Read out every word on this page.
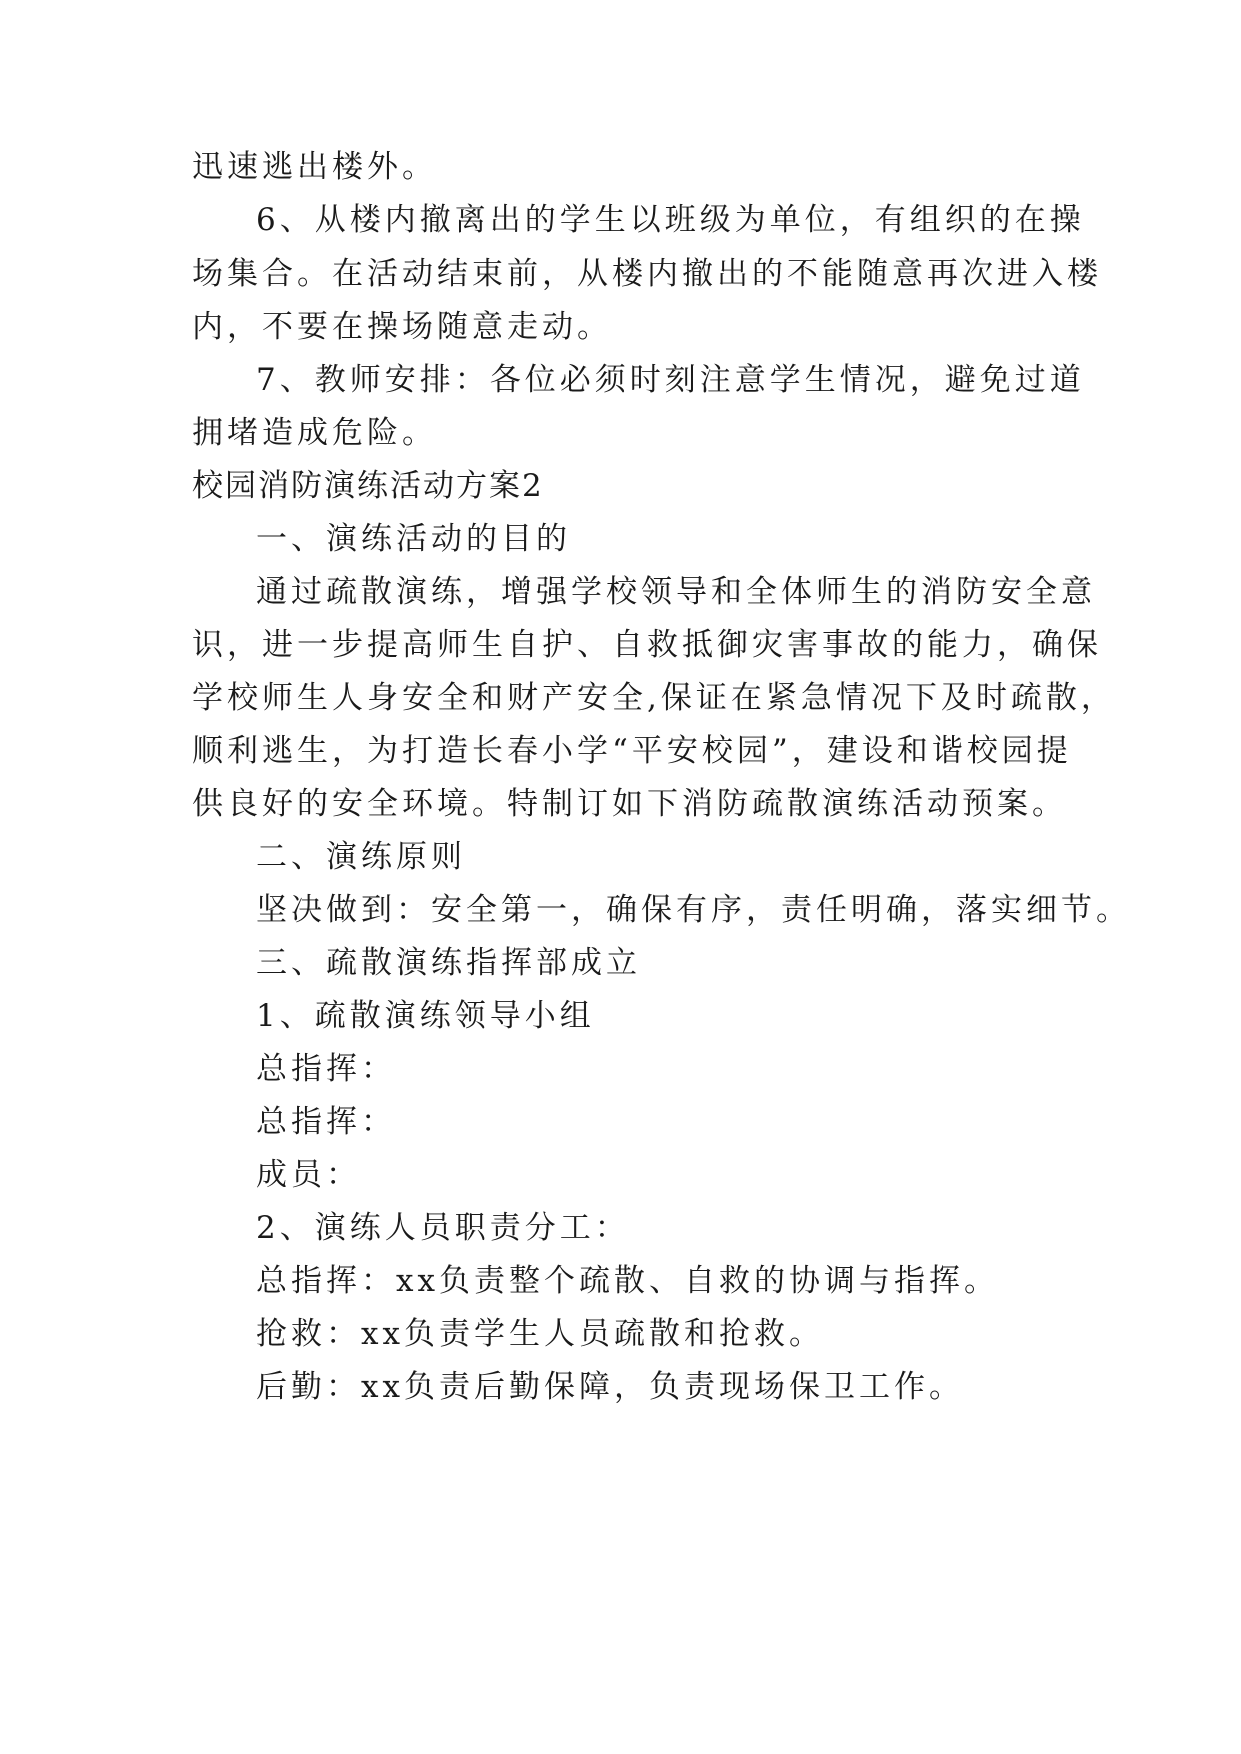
迅速逃出楼外。
6、从楼内撤离出的学生以班级为单位，有组织的在操
场集合。在活动结束前，从楼内撤出的不能随意再次进入楼
内，不要在操场随意走动。
7、教师安排：各位必须时刻注意学生情况，避免过道
拥堵造成危险。
校园消防演练活动方案2
一、演练活动的目的
通过疏散演练，增强学校领导和全体师生的消防安全意
识，进一步提高师生自护、自救抵御灾害事故的能力，确保
学校师生人身安全和财产安全,保证在紧急情况下及时疏散，
顺利逃生，为打造长春小学“平安校园”，建设和谐校园提
供良好的安全环境。特制订如下消防疏散演练活动预案。
二、演练原则
坚决做到：安全第一，确保有序，责任明确，落实细节。
三、疏散演练指挥部成立
1、疏散演练领导小组
总指挥：
总指挥：
成员：
2、演练人员职责分工：
总指挥：xx负责整个疏散、自救的协调与指挥。
抢救：xx负责学生人员疏散和抢救。
后勤：xx负责后勤保障，负责现场保卫工作。
